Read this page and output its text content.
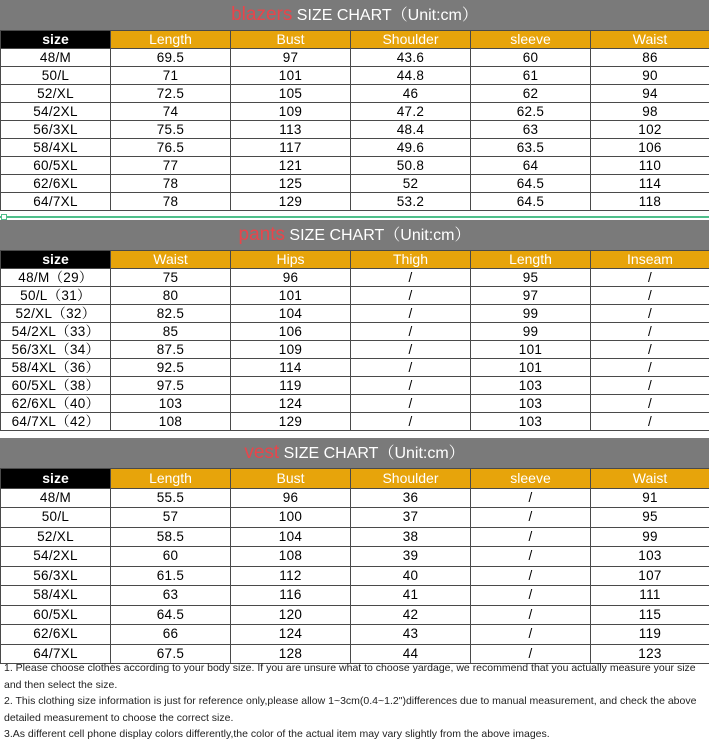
blazers SIZE CHART（Unit:cm）
size	Length	Bust	Shoulder	sleeve	Waist
48/M	69.5	97	43.6	60	86
50/L	71	101	44.8	61	90
52/XL	72.5	105	46	62	94
54/2XL	74	109	47.2	62.5	98
56/3XL	75.5	113	48.4	63	102
58/4XL	76.5	117	49.6	63.5	106
60/5XL	77	121	50.8	64	110
62/6XL	78	125	52	64.5	114
64/7XL	78	129	53.2	64.5	118
pants SIZE CHART（Unit:cm）
size	Waist	Hips	Thigh	Length	Inseam
48/M（29）	75	96	/	95	/
50/L（31）	80	101	/	97	/
52/XL（32）	82.5	104	/	99	/
54/2XL（33）	85	106	/	99	/
56/3XL（34）	87.5	109	/	101	/
58/4XL（36）	92.5	114	/	101	/
60/5XL（38）	97.5	119	/	103	/
62/6XL（40）	103	124	/	103	/
64/7XL（42）	108	129	/	103	/
vest SIZE CHART（Unit:cm）
size	Length	Bust	Shoulder	sleeve	Waist
48/M	55.5	96	36	/	91
50/L	57	100	37	/	95
52/XL	58.5	104	38	/	99
54/2XL	60	108	39	/	103
56/3XL	61.5	112	40	/	107
58/4XL	63	116	41	/	111
60/5XL	64.5	120	42	/	115
62/6XL	66	124	43	/	119
64/7XL	67.5	128	44	/	123

1. Please choose clothes according to your body size. If you are unsure what to choose yardage, we recommend that you actually measure your size and then select the size.

2. This clothing size information is just for reference only,please allow 1~3cm(0.4~1.2")differences due to manual measurement, and check the above detailed measurement to choose the correct size.

3.As different cell phone display colors differently,the color of the actual item may vary slightly from the above images.
